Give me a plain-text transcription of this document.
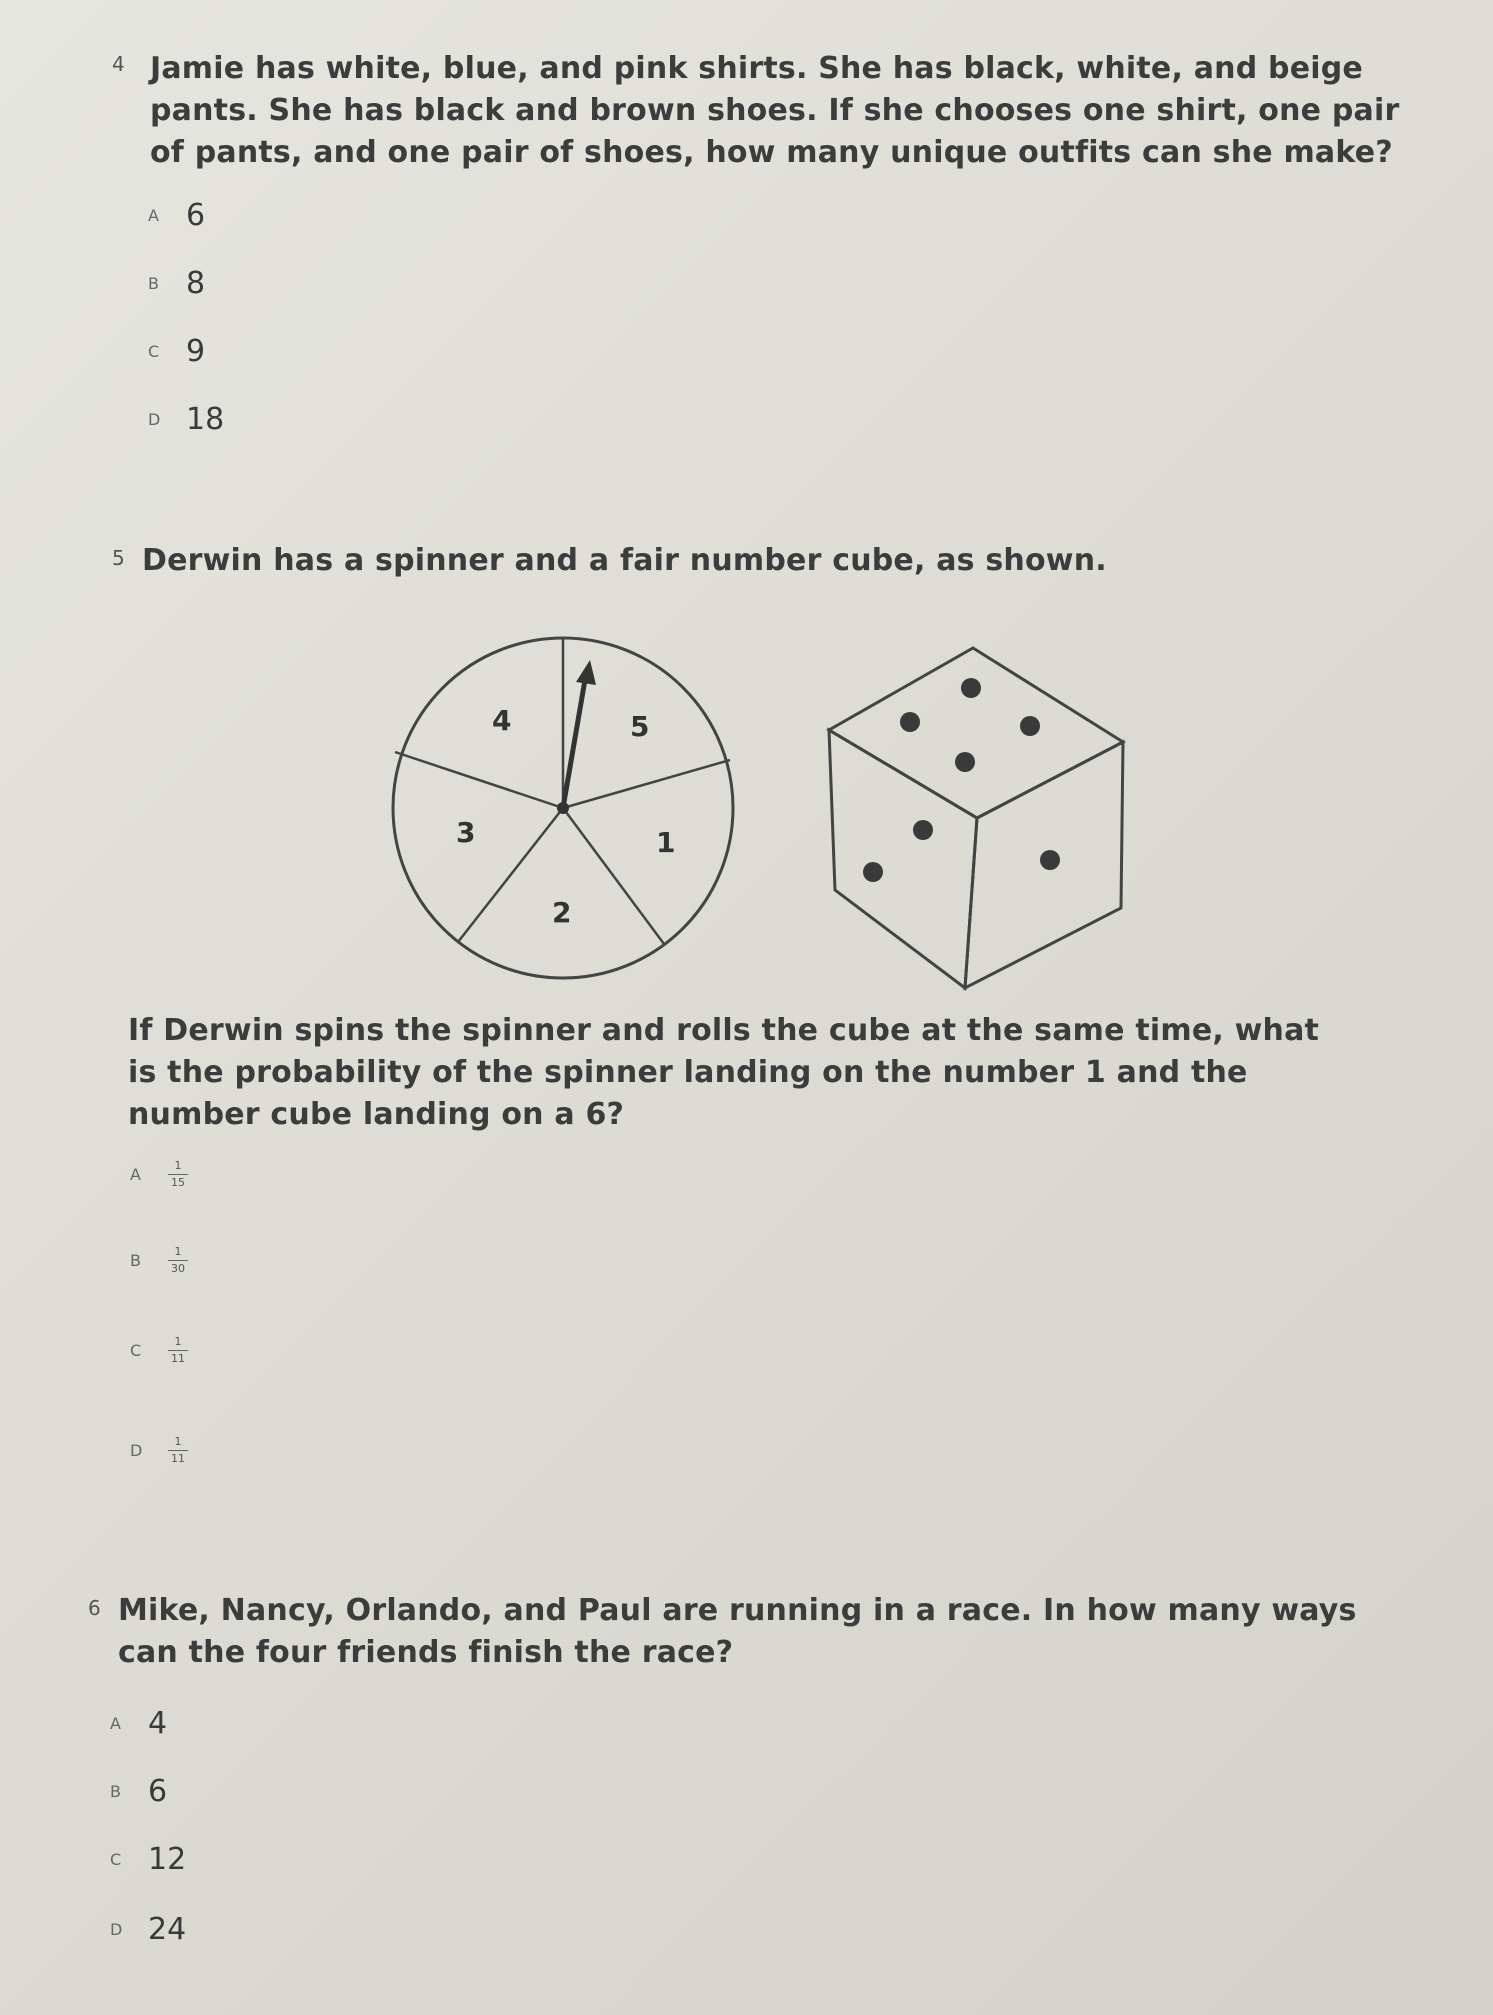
4 Jamie has white, blue, and pink shirts. She has black, white, and beige pants. She has black and brown shoes. If she chooses one shirt, one pair of pants, and one pair of shoes, how many unique outfits can she make?
A 6
B 8
C 9
D 18
5 Derwin has a spinner and a fair number cube, as shown.
4	5
3	1
2
If Derwin spins the spinner and rolls the cube at the same time, what is the probability of the spinner landing on the number 1 and the number cube landing on a 6?
A	$\frac{1}{15}$
B	$\frac{1}{30}$
C	$\frac{1}{11}$
D	$\frac{1}{11}$
6 Mike, Nancy, Orlando, and Paul are running in a race. In how many ways can the four friends finish the race?
A 4
B 6
C 12
D 24
